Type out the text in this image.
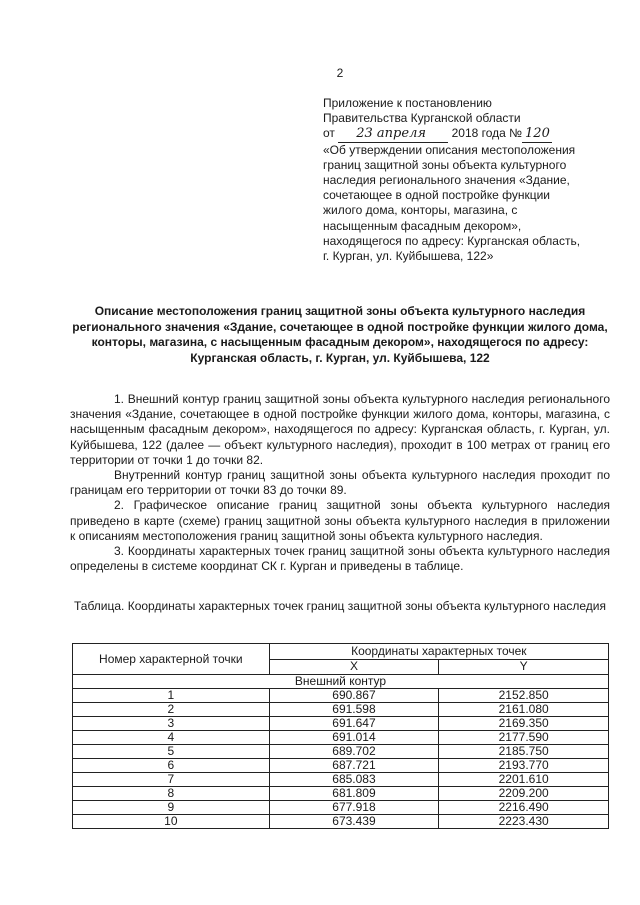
2
Приложение к постановлению
Правительства Курганской области
от 23 апреля 2018 года № 120
«Об утверждении описания местоположения
границ защитной зоны объекта культурного
наследия регионального значения «Здание,
сочетающее в одной постройке функции
жилого дома, конторы, магазина, с
насыщенным фасадным декором»,
находящегося по адресу: Курганская область,
г. Курган, ул. Куйбышева, 122»
Описание местоположения границ защитной зоны объекта культурного наследия регионального значения «Здание, сочетающее в одной постройке функции жилого дома, конторы, магазина, с насыщенным фасадным декором», находящегося по адресу: Курганская область, г. Курган, ул. Куйбышева, 122

1. Внешний контур границ защитной зоны объекта культурного наследия регионального значения «Здание, сочетающее в одной постройке функции жилого дома, конторы, магазина, с насыщенным фасадным декором», находящегося по адресу: Курганская область, г. Курган, ул. Куйбышева, 122 (далее — объект культурного наследия), проходит в 100 метрах от границ его территории от точки 1 до точки 82.

Внутренний контур границ защитной зоны объекта культурного наследия проходит по границам его территории от точки 83 до точки 89.

2. Графическое описание границ защитной зоны объекта культурного наследия приведено в карте (схеме) границ защитной зоны объекта культурного наследия в приложении к описаниям местоположения границ защитной зоны объекта культурного наследия.

3. Координаты характерных точек границ защитной зоны объекта культурного наследия определены в системе координат СК г. Курган и приведены в таблице.

Таблица. Координаты характерных точек границ защитной зоны объекта культурного наследия
Номер характерной точки	Координаты характерных точек	
	X	Y
Внешний контур		
1	690.867	2152.850
2	691.598	2161.080
3	691.647	2169.350
4	691.014	2177.590
5	689.702	2185.750
6	687.721	2193.770
7	685.083	2201.610
8	681.809	2209.200
9	677.918	2216.490
10	673.439	2223.430
